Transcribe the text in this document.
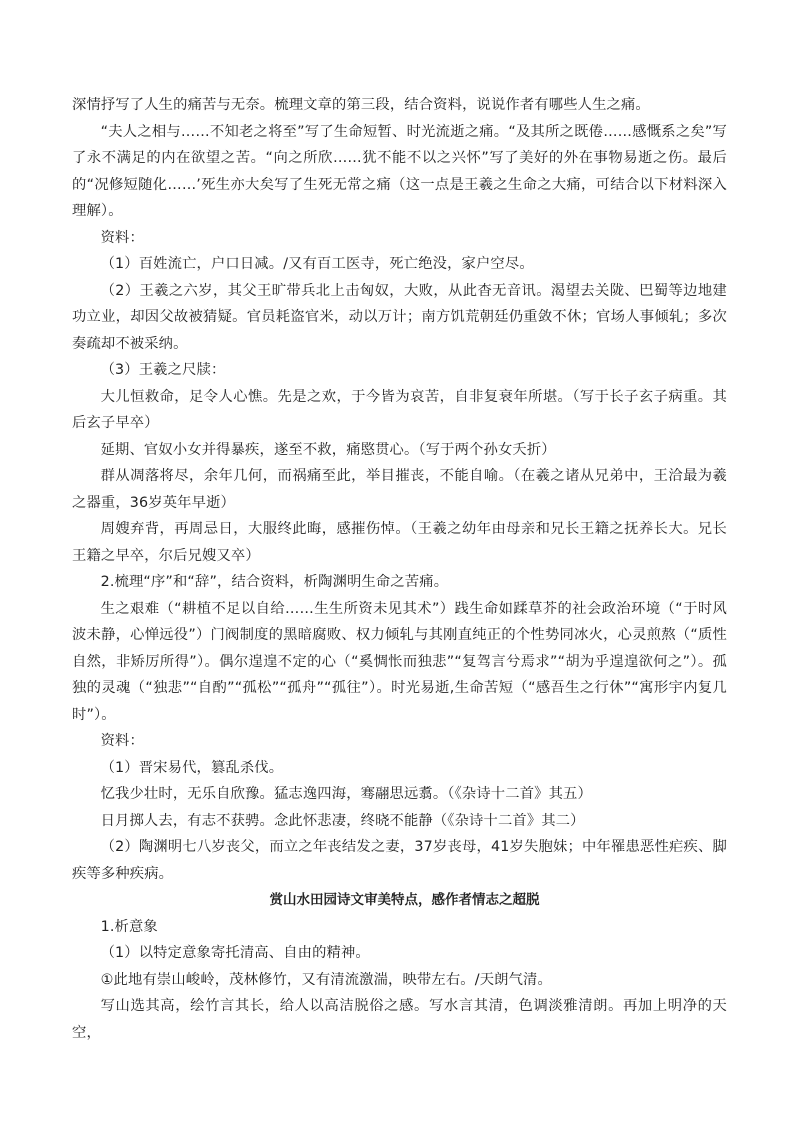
深情抒写了人生的痛苦与无奈。梳理文章的第三段，结合资料，说说作者有哪些人生之痛。

“夫人之相与……不知老之将至”写了生命短暂、时光流逝之痛。“及其所之既倦……感慨系之矣”写了永不满足的内在欲望之苦。“向之所欣……犹不能不以之兴怀”写了美好的外在事物易逝之伤。最后的“况修短随化……’死生亦大矣写了生死无常之痛（这一点是王羲之生命之大痛，可结合以下材料深入理解）。

资料：

（1）百姓流亡，户口日减。/又有百工医寺，死亡绝没，家户空尽。

（2）王羲之六岁，其父王旷带兵北上击匈奴，大败，从此杳无音讯。渴望去关陇、巴蜀等边地建功立业，却因父故被猜疑。官员耗盗官米，动以万计；南方饥荒朝廷仍重敛不休；官场人事倾轧；多次奏疏却不被采纳。

（3）王羲之尺牍：

大儿恒救命，足令人心憔。先是之欢，于今皆为哀苦，自非复衰年所堪。（写于长子玄子病重。其后玄子早卒）

延期、官奴小女并得暴疾，遂至不救，痛愍贯心。（写于两个孙女夭折）

群从凋落将尽，余年几何，而祸痛至此，举目摧丧，不能自喻。（在羲之诸从兄弟中，王洽最为羲之器重，36岁英年早逝）

周嫂弃背，再周忌日，大服终此晦，感摧伤悼。（王羲之幼年由母亲和兄长王籍之抚养长大。兄长王籍之早卒，尔后兄嫂又卒）

2.梳理“序”和“辞”，结合资料，析陶渊明生命之苦痛。

生之艰难（“耕植不足以自给……生生所资未见其术”）践生命如蹂草芥的社会政治环境（“于时风波未静，心惮远役”）门阀制度的黑暗腐败、权力倾轧与其刚直纯正的个性势同冰火，心灵煎熬（“质性自然，非矫厉所得”）。偶尔遑遑不定的心（“奚惆怅而独悲”“复驾言兮焉求”“胡为乎遑遑欲何之”）。孤独的灵魂（“独悲”“自酌”“孤松”“孤舟”“孤往”）。时光易逝,生命苦短（“感吾生之行休”“寓形宇内复几时”）。

资料：

（1）晋宋易代，篡乱杀伐。

忆我少壮时，无乐自欣豫。猛志逸四海，骞翮思远翥。（《杂诗十二首》其五）

日月掷人去，有志不获骋。念此怀悲凄，终晓不能静（《杂诗十二首》其二）

（2）陶渊明七八岁丧父，而立之年丧结发之妻，37岁丧母，41岁失胞妹；中年罹患恶性疟疾、脚疾等多种疾病。

赏山水田园诗文审美特点，感作者情志之超脱

1.析意象

（1）以特定意象寄托清高、自由的精神。

①此地有崇山峻岭，茂林修竹，又有清流激湍，映带左右。/天朗气清。

写山选其高，绘竹言其长，给人以高洁脱俗之感。写水言其清，色调淡雅清朗。再加上明净的天空，
